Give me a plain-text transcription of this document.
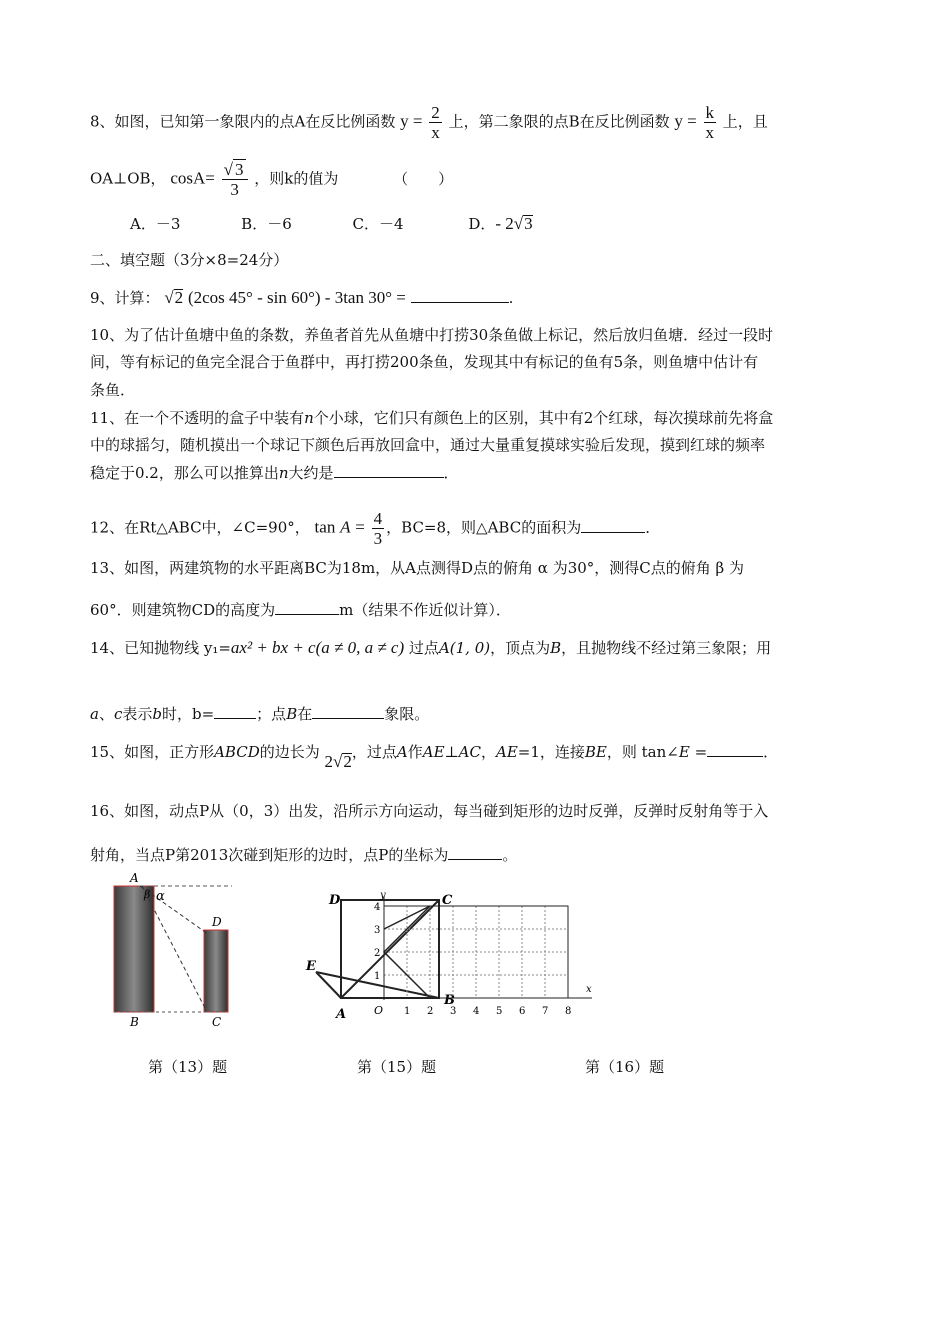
8、如图，已知第一象限内的点A在反比例函数 $y = \frac{2}{x}$ 上，第二象限的点B在反比例函数 $y = \frac{k}{x}$ 上，且
OA⊥OB， $\cos A= \frac{√ 3}{3}$ ，则k的值为	（　　）
A．－3	B．－6	C．－4	D．- 2√3
二、填空题（3分×8=24分）
9、计算： √2 (2cos 45° - sin 60°) - 3tan 30° =	.
10、为了估计鱼塘中鱼的条数，养鱼者首先从鱼塘中打捞30条鱼做上标记，然后放归鱼塘．经过一段时
间，等有标记的鱼完全混合于鱼群中，再打捞200条鱼，发现其中有标记的鱼有5条，则鱼塘中估计有
条鱼．
11、在一个不透明的盒子中装有n个小球，它们只有颜色上的区别，其中有2个红球，每次摸球前先将盒
中的球摇匀，随机摸出一个球记下颜色后再放回盒中，通过大量重复摸球实验后发现，摸到红球的频率
稳定于0.2，那么可以推算出n大约是	．
12、在Rt△ABC中，∠C=90°， $\tan A = \frac{4}{3}$ ，BC=8，则△ABC的面积为	．
13、如图，两建筑物的水平距离BC为18m，从A点测得D点的俯角 α 为30°，测得C点的俯角 β 为
60°．则建筑物CD的高度为	m（结果不作近似计算）．
14、已知抛物线 y₁=ax² + bx + c(a ≠ 0, a ≠ c) 过点A(1, 0)，顶点为B，且抛物线不经过第三象限；用
a、c表示b时，b=	；点B在	象限。
15、如图，正方形ABCD的边长为 2√2，过点A作AE⊥AC，AE=1，连接BE，则 tan∠E =	．
16、如图，动点P从（0，3）出发，沿所示方向运动，每当碰到矩形的边时反弹，反弹时反射角等于入
射角，当点P第2013次碰到矩形的边时，点P的坐标为	。
A
β α
D
B	C
D	C
E
A
B
y
x
O 1 2 3 4 5 6 7 8
1
2
3
4
第（13）题	第（15）题	第（16）题
